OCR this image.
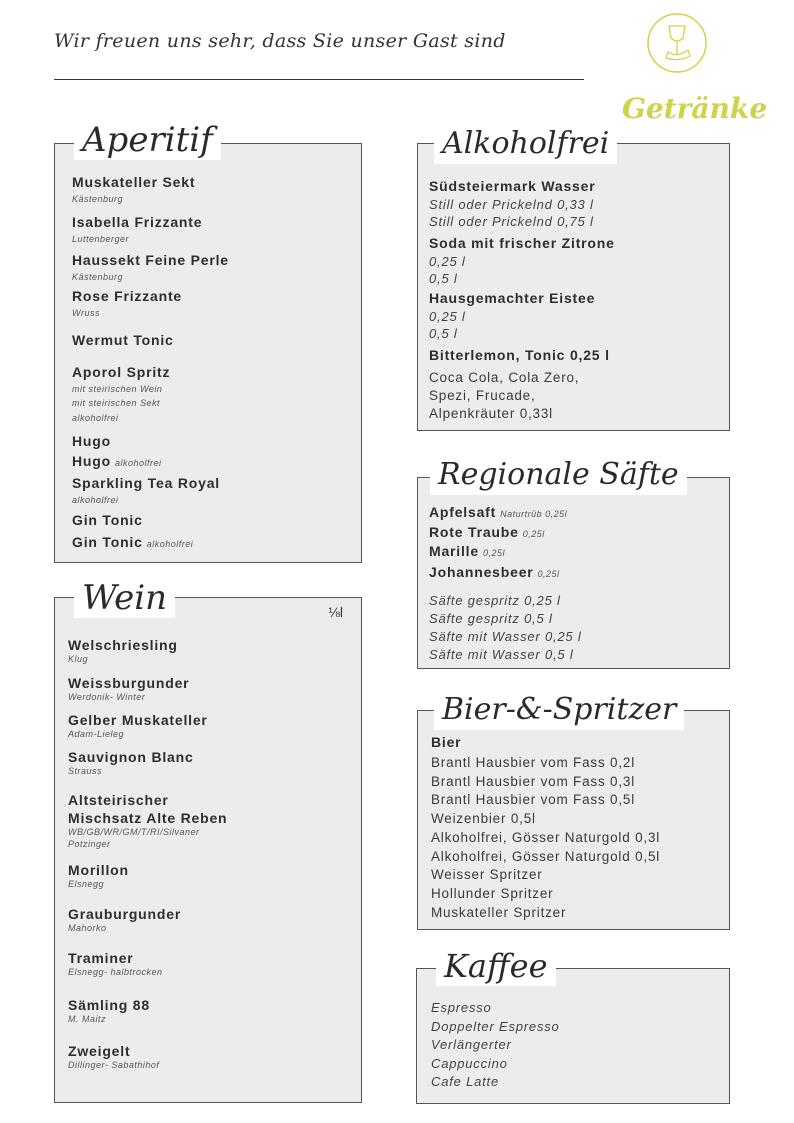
Wir freuen uns sehr, dass Sie unser Gast sind
Getränke
Muskateller Sekt
Kästenburg
Isabella Frizzante
Luttenberger
Haussekt Feine Perle
Kästenburg
Rose Frizzante
Wruss
Wermut Tonic
Aporol Spritz
mit steirischen Wein
mit steirischen Sekt
alkoholfrei
Hugo
Hugo alkoholfrei
Sparkling Tea Royal
alkoholfrei
Gin Tonic
Gin Tonic alkoholfrei
Aperitif
Welschriesling
Klug
Weissburgunder
Werdonik- Winter
Gelber Muskateller
Adam-Lieleg
Sauvignon Blanc
Strauss
Altsteirischer
Mischsatz Alte Reben
WB/GB/WR/GM/T/RI/Silvaner
Potzinger
Morillon
Elsnegg
Grauburgunder
Mahorko
Traminer
Elsnegg- halbtrocken
Sämling 88
M. Maitz
Zweigelt
Dillinger- Sabathihof
⅛l
Wein
Südsteiermark Wasser
Still oder Prickelnd 0,33 l
Still oder Prickelnd 0,75 l
Soda mit frischer Zitrone
0,25 l
0,5 l
Hausgemachter Eistee
0,25 l
0,5 l
Bitterlemon, Tonic 0,25 l
Coca Cola, Cola Zero,
Spezi, Frucade,
Alpenkräuter 0,33l
Alkoholfrei
Apfelsaft Naturtrüb 0,25l
Rote Traube 0,25l
Marille 0,25l
Johannesbeer 0,25l
Säfte gespritz 0,25 l
Säfte gespritz 0,5 l
Säfte mit Wasser 0,25 l
Säfte mit Wasser 0,5 l
Regionale Säfte
Bier
Brantl Hausbier vom Fass 0,2l
Brantl Hausbier vom Fass 0,3l
Brantl Hausbier vom Fass 0,5l
Weizenbier 0,5l
Alkoholfrei, Gösser Naturgold 0,3l
Alkoholfrei, Gösser Naturgold 0,5l
Weisser Spritzer
Hollunder Spritzer
Muskateller Spritzer
Bier-&-Spritzer
Espresso
Doppelter Espresso
Verlängerter
Cappuccino
Cafe Latte
Kaffee
